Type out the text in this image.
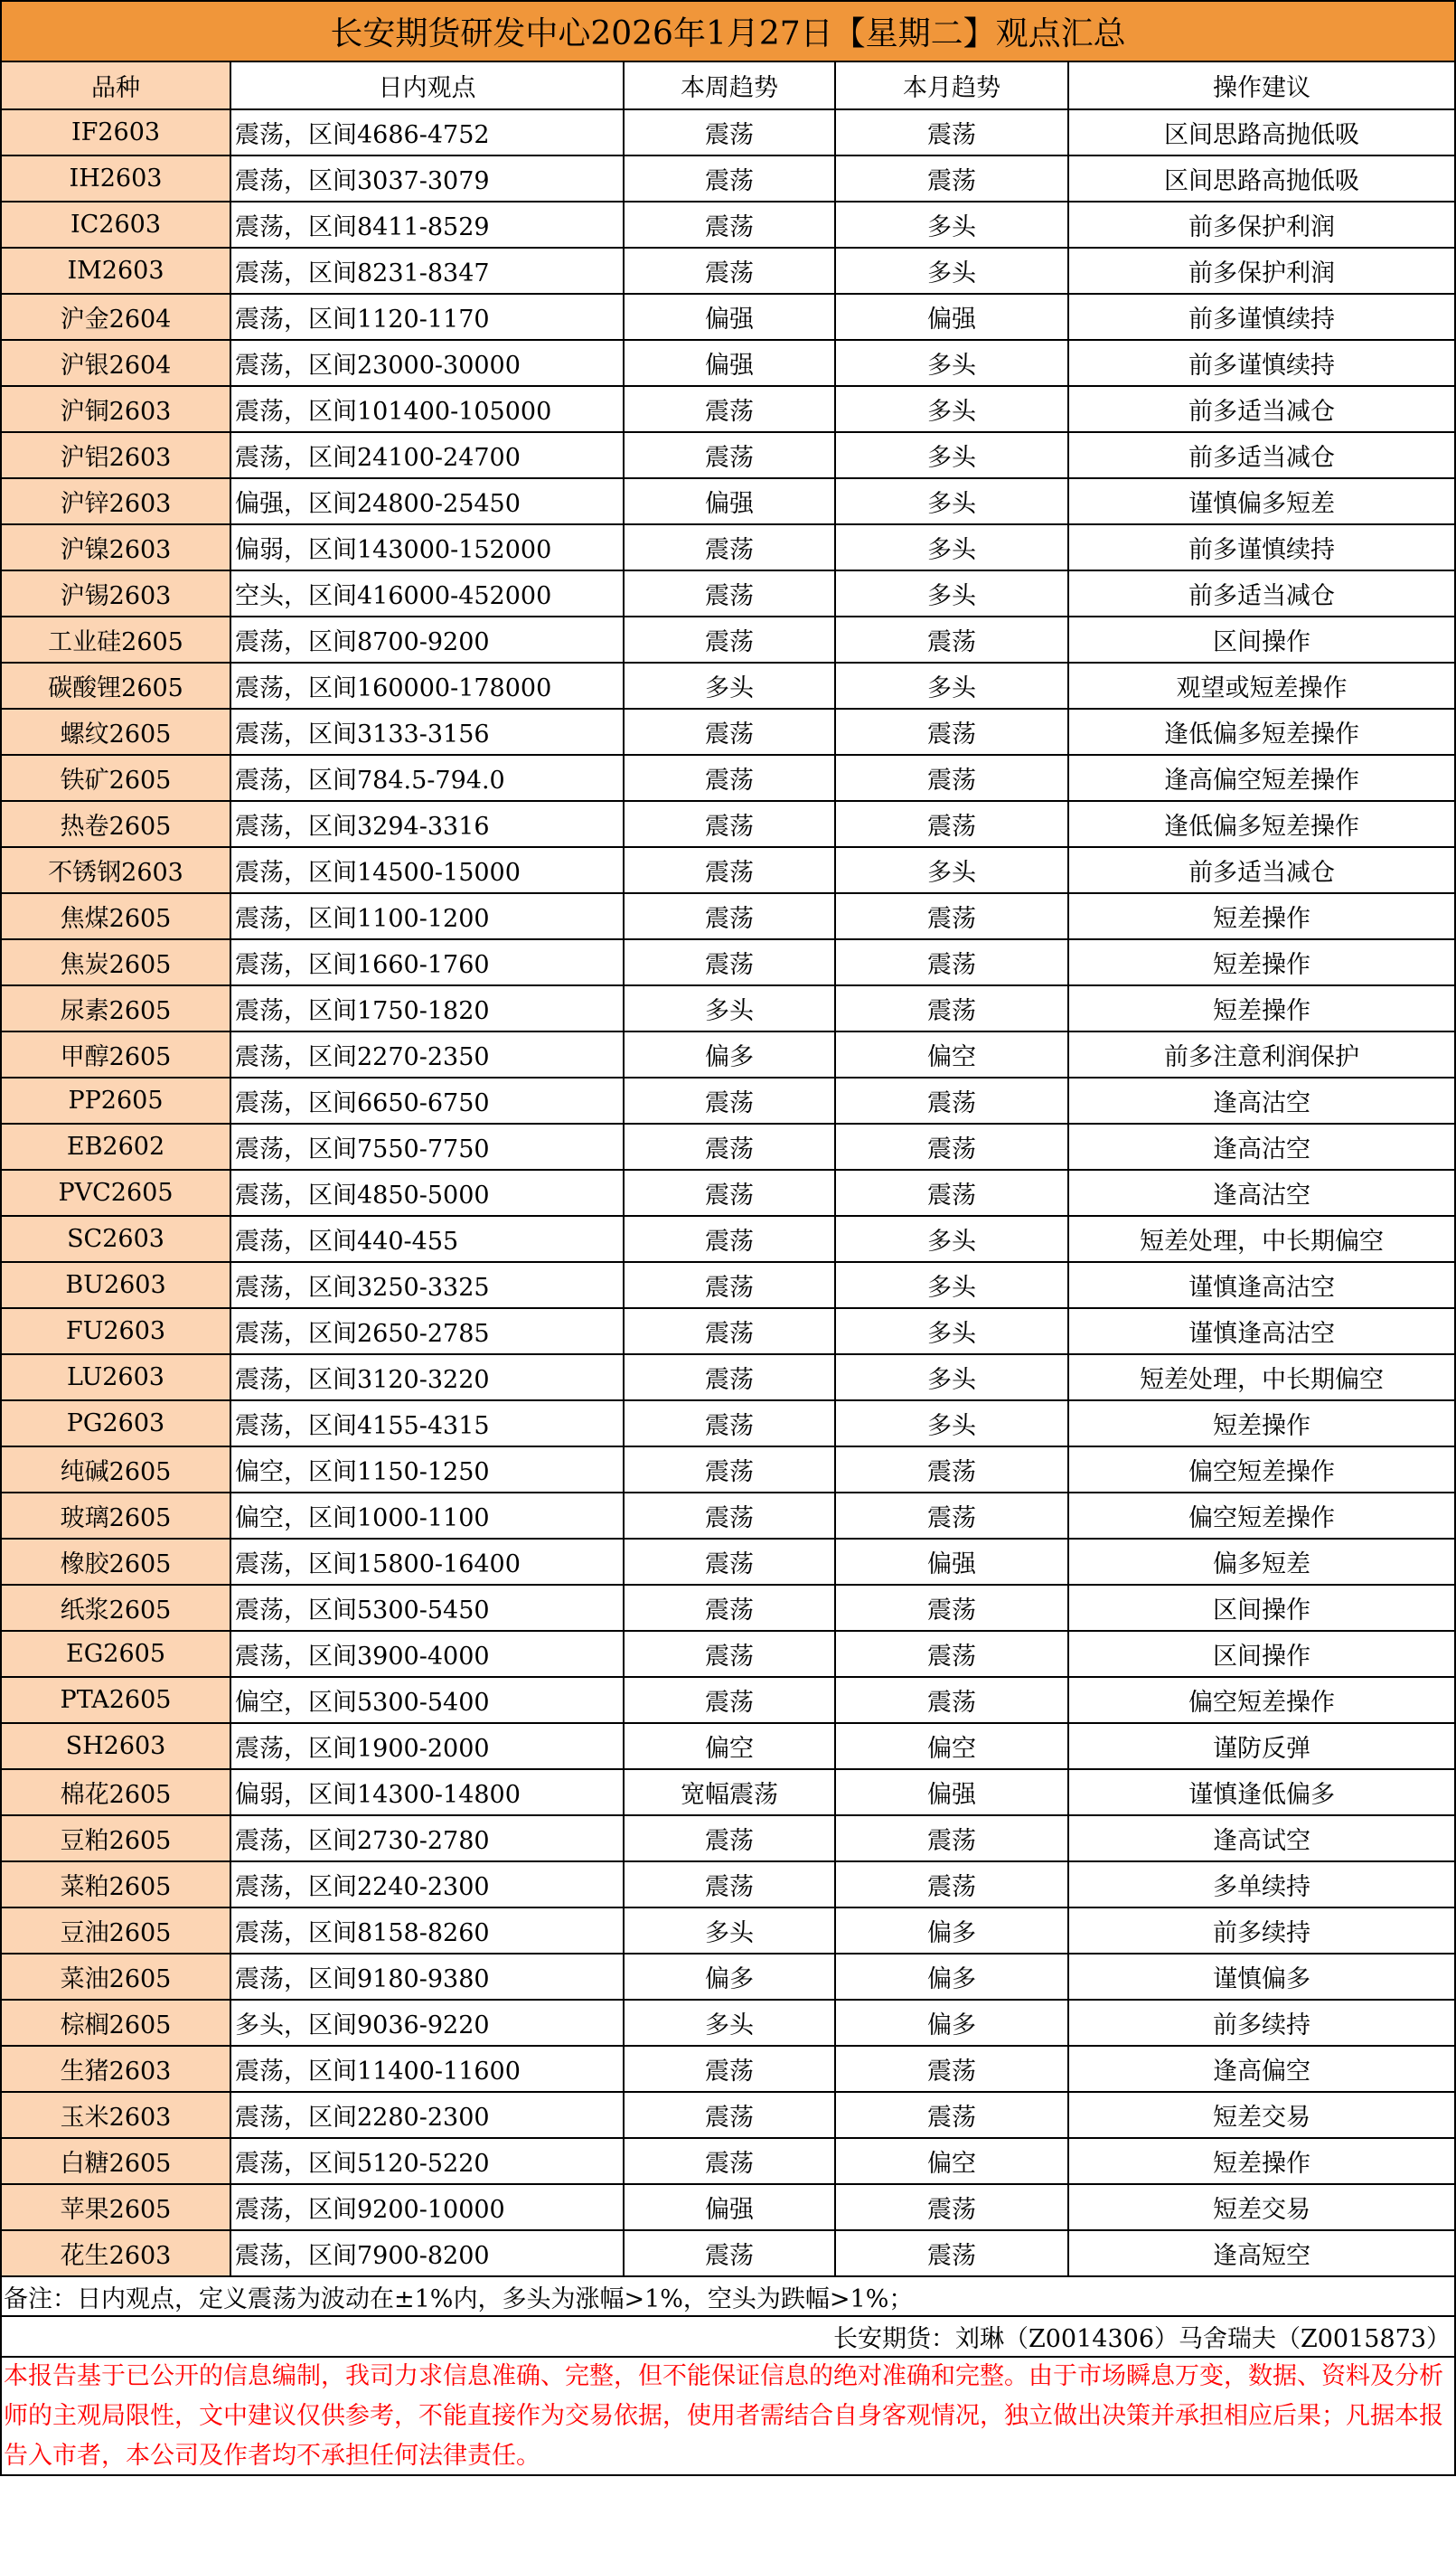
长安期货研发中心2026年1月27日【星期二】观点汇总
品种	日内观点	本周趋势	本月趋势	操作建议
IF2603	震荡，区间4686-4752	震荡	震荡	区间思路高抛低吸
IH2603	震荡，区间3037-3079	震荡	震荡	区间思路高抛低吸
IC2603	震荡，区间8411-8529	震荡	多头	前多保护利润
IM2603	震荡，区间8231-8347	震荡	多头	前多保护利润
沪金2604	震荡，区间1120-1170	偏强	偏强	前多谨慎续持
沪银2604	震荡，区间23000-30000	偏强	多头	前多谨慎续持
沪铜2603	震荡，区间101400-105000	震荡	多头	前多适当减仓
沪铝2603	震荡，区间24100-24700	震荡	多头	前多适当减仓
沪锌2603	偏强，区间24800-25450	偏强	多头	谨慎偏多短差
沪镍2603	偏弱，区间143000-152000	震荡	多头	前多谨慎续持
沪锡2603	空头，区间416000-452000	震荡	多头	前多适当减仓
工业硅2605	震荡，区间8700-9200	震荡	震荡	区间操作
碳酸锂2605	震荡，区间160000-178000	多头	多头	观望或短差操作
螺纹2605	震荡，区间3133-3156	震荡	震荡	逢低偏多短差操作
铁矿2605	震荡，区间784.5-794.0	震荡	震荡	逢高偏空短差操作
热卷2605	震荡，区间3294-3316	震荡	震荡	逢低偏多短差操作
不锈钢2603	震荡，区间14500-15000	震荡	多头	前多适当减仓
焦煤2605	震荡，区间1100-1200	震荡	震荡	短差操作
焦炭2605	震荡，区间1660-1760	震荡	震荡	短差操作
尿素2605	震荡，区间1750-1820	多头	震荡	短差操作
甲醇2605	震荡，区间2270-2350	偏多	偏空	前多注意利润保护
PP2605	震荡，区间6650-6750	震荡	震荡	逢高沽空
EB2602	震荡，区间7550-7750	震荡	震荡	逢高沽空
PVC2605	震荡，区间4850-5000	震荡	震荡	逢高沽空
SC2603	震荡，区间440-455	震荡	多头	短差处理，中长期偏空
BU2603	震荡，区间3250-3325	震荡	多头	谨慎逢高沽空
FU2603	震荡，区间2650-2785	震荡	多头	谨慎逢高沽空
LU2603	震荡，区间3120-3220	震荡	多头	短差处理，中长期偏空
PG2603	震荡，区间4155-4315	震荡	多头	短差操作
纯碱2605	偏空，区间1150-1250	震荡	震荡	偏空短差操作
玻璃2605	偏空，区间1000-1100	震荡	震荡	偏空短差操作
橡胶2605	震荡，区间15800-16400	震荡	偏强	偏多短差
纸浆2605	震荡，区间5300-5450	震荡	震荡	区间操作
EG2605	震荡，区间3900-4000	震荡	震荡	区间操作
PTA2605	偏空，区间5300-5400	震荡	震荡	偏空短差操作
SH2603	震荡，区间1900-2000	偏空	偏空	谨防反弹
棉花2605	偏弱，区间14300-14800	宽幅震荡	偏强	谨慎逢低偏多
豆粕2605	震荡，区间2730-2780	震荡	震荡	逢高试空
菜粕2605	震荡，区间2240-2300	震荡	震荡	多单续持
豆油2605	震荡，区间8158-8260	多头	偏多	前多续持
菜油2605	震荡，区间9180-9380	偏多	偏多	谨慎偏多
棕榈2605	多头，区间9036-9220	多头	偏多	前多续持
生猪2603	震荡，区间11400-11600	震荡	震荡	逢高偏空
玉米2603	震荡，区间2280-2300	震荡	震荡	短差交易
白糖2605	震荡，区间5120-5220	震荡	偏空	短差操作
苹果2605	震荡，区间9200-10000	偏强	震荡	短差交易
花生2603	震荡，区间7900-8200	震荡	震荡	逢高短空
备注：日内观点，定义震荡为波动在±1%内，多头为涨幅>1%，空头为跌幅>1%；
长安期货：刘琳（Z0014306）马舍瑞夫（Z0015873）
本报告基于已公开的信息编制，我司力求信息准确、完整，但不能保证信息的绝对准确和完整。由于市场瞬息万变，数据、资料及分析师的主观局限性，文中建议仅供参考，不能直接作为交易依据，使用者需结合自身客观情况，独立做出决策并承担相应后果；凡据本报告入市者，本公司及作者均不承担任何法律责任。
